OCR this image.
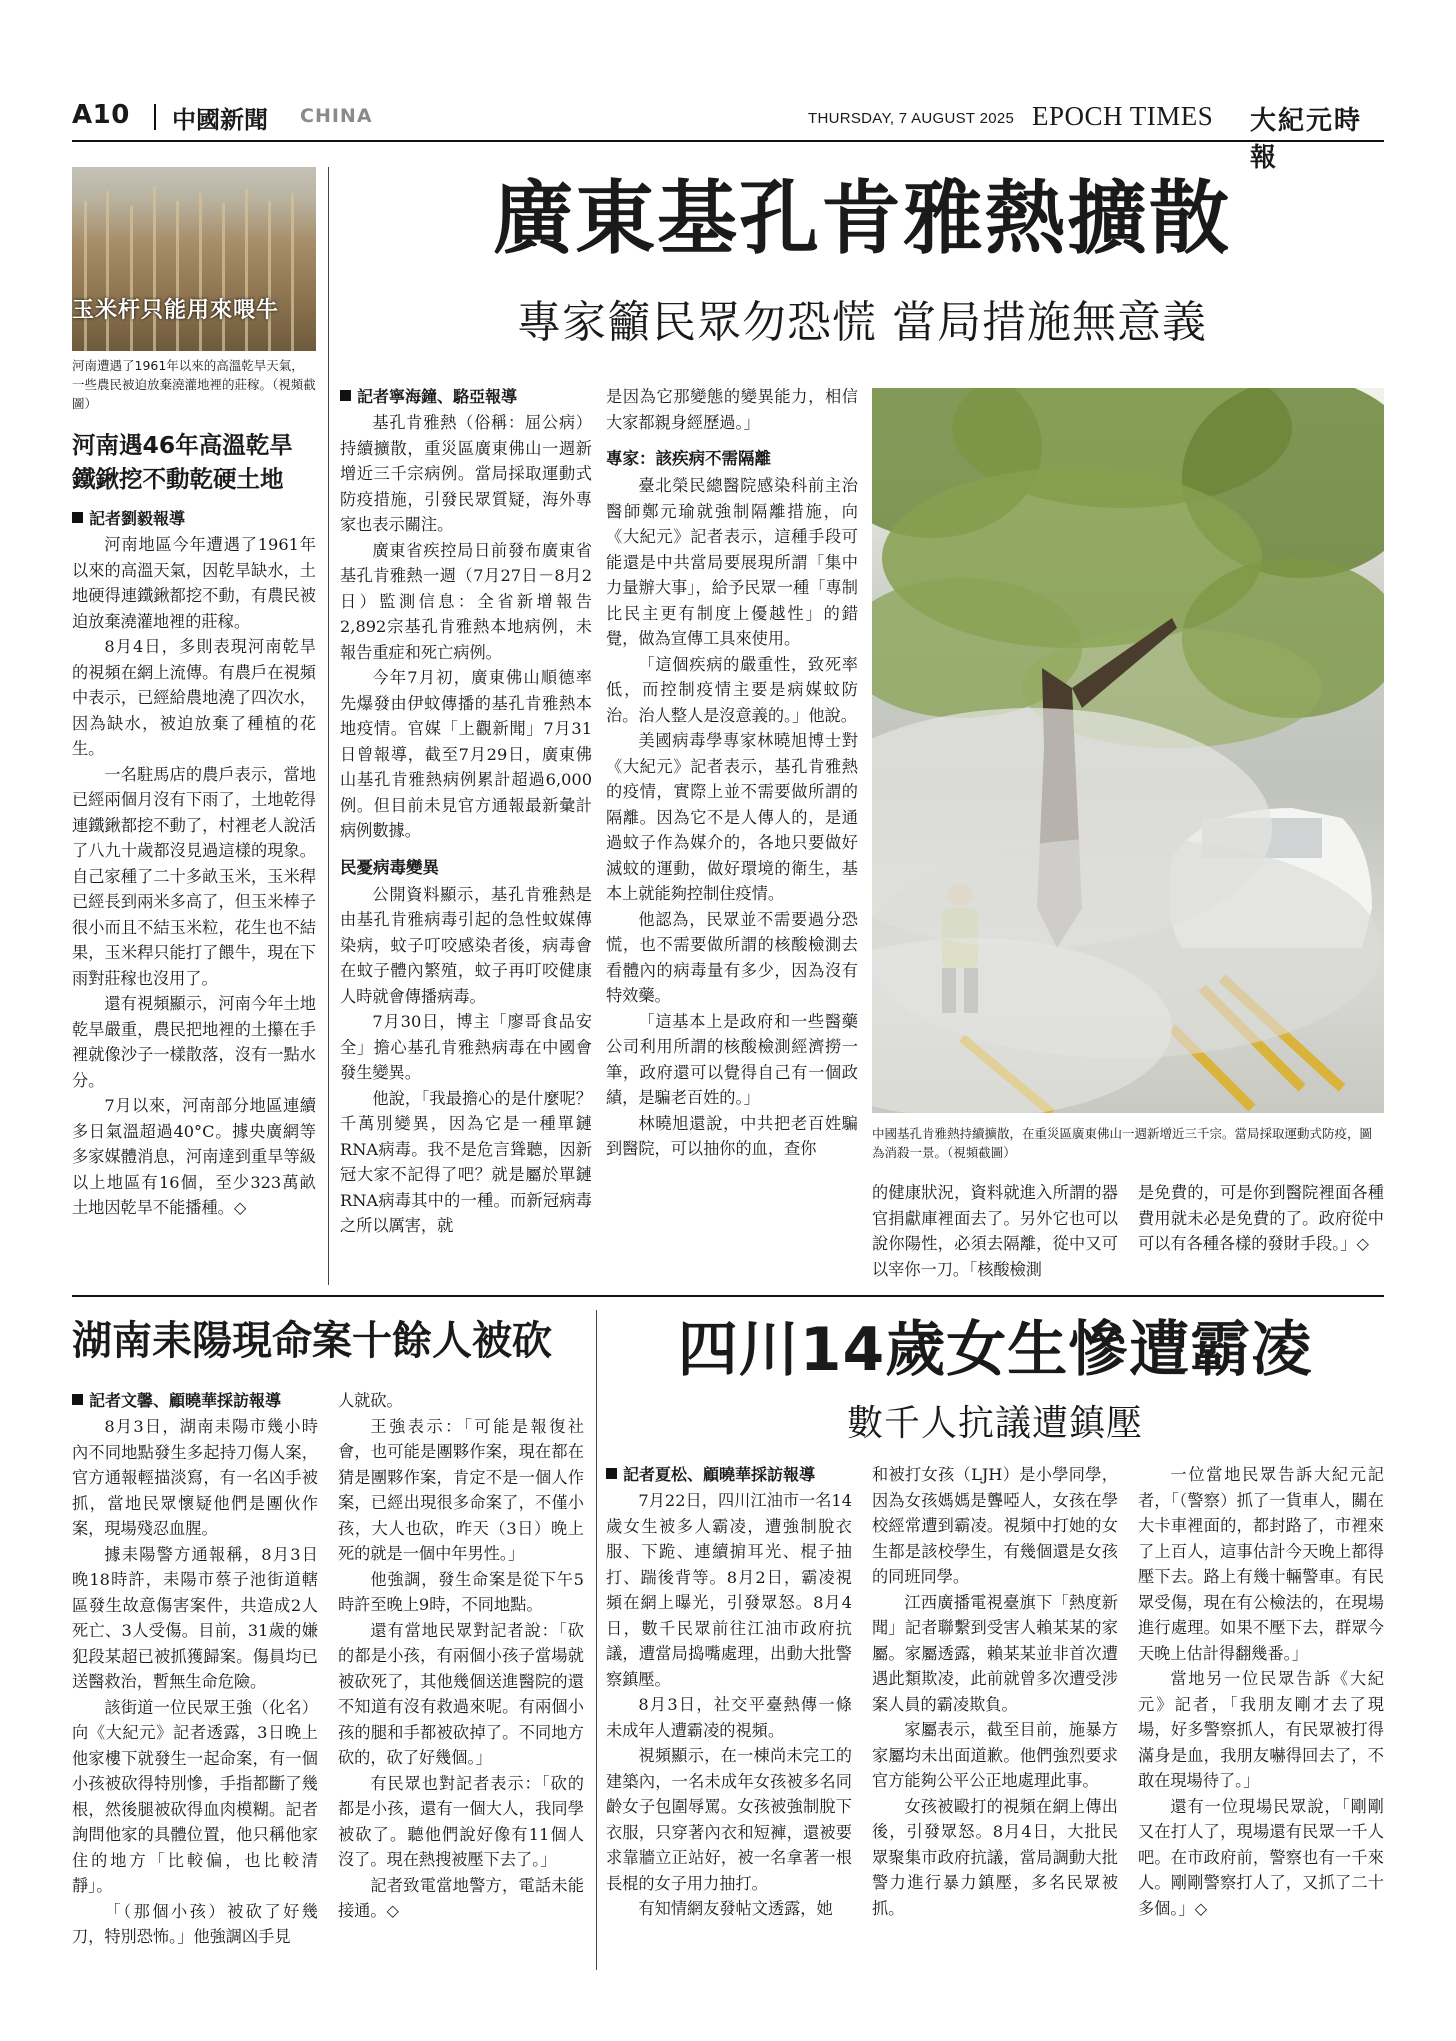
A10 中國新聞 CHINA	THURSDAY, 7 AUGUST 2025 EPOCH TIMES 大紀元時報
玉米杆只能用來喂牛
河南遭遇了1961年以來的高溫乾旱天氣，一些農民被迫放棄澆灌地裡的莊稼。（視頻截圖）
河南遇46年高溫乾旱
鐵鍬挖不動乾硬土地
記者劉毅報導

河南地區今年遭遇了1961年以來的高溫天氣，因乾旱缺水，土地硬得連鐵鍬都挖不動，有農民被迫放棄澆灌地裡的莊稼。

8月4日，多則表現河南乾旱的視頻在網上流傳。有農戶在視頻中表示，已經給農地澆了四次水，因為缺水，被迫放棄了種植的花生。

一名駐馬店的農戶表示，當地已經兩個月沒有下雨了，土地乾得連鐵鍬都挖不動了，村裡老人說活了八九十歲都沒見過這樣的現象。自己家種了二十多畝玉米，玉米稈已經長到兩米多高了，但玉米棒子很小而且不結玉米粒，花生也不結果，玉米稈只能打了餵牛，現在下雨對莊稼也沒用了。

還有視頻顯示，河南今年土地乾旱嚴重，農民把地裡的土攥在手裡就像沙子一樣散落，沒有一點水分。

7月以來，河南部分地區連續多日氣溫超過40°C。據央廣網等多家媒體消息，河南達到重旱等級以上地區有16個，至少323萬畝土地因乾旱不能播種。◇

廣東基孔肯雅熱擴散
專家籲民眾勿恐慌 當局措施無意義
記者寧海鐘、駱亞報導

基孔肯雅熱（俗稱：屈公病）持續擴散，重災區廣東佛山一週新增近三千宗病例。當局採取運動式防疫措施，引發民眾質疑，海外專家也表示關注。

廣東省疾控局日前發布廣東省基孔肯雅熱一週（7月27日－8月2日）監測信息：全省新增報告2,892宗基孔肯雅熱本地病例，未報告重症和死亡病例。

今年7月初，廣東佛山順德率先爆發由伊蚊傳播的基孔肯雅熱本地疫情。官媒「上觀新聞」7月31日曾報導，截至7月29日，廣東佛山基孔肯雅熱病例累計超過6,000例。但目前未見官方通報最新彙計病例數據。

民憂病毒變異

公開資料顯示，基孔肯雅熱是由基孔肯雅病毒引起的急性蚊媒傳染病，蚊子叮咬感染者後，病毒會在蚊子體內繁殖，蚊子再叮咬健康人時就會傳播病毒。

7月30日，博主「廖哥食品安全」擔心基孔肯雅熱病毒在中國會發生變異。

他說，「我最擔心的是什麼呢？千萬別變異，因為它是一種單鏈RNA病毒。我不是危言聳聽，因新冠大家不記得了吧？就是屬於單鏈RNA病毒其中的一種。而新冠病毒之所以厲害，就

是因為它那變態的變異能力，相信大家都親身經歷過。」

專家：該疾病不需隔離

臺北榮民總醫院感染科前主治醫師鄭元瑜就強制隔離措施，向《大紀元》記者表示，這種手段可能還是中共當局要展現所謂「集中力量辦大事」，給予民眾一種「專制比民主更有制度上優越性」的錯覺，做為宣傳工具來使用。

「這個疾病的嚴重性，致死率低，而控制疫情主要是病媒蚊防治。治人整人是沒意義的。」他說。

美國病毒學專家林曉旭博士對《大紀元》記者表示，基孔肯雅熱的疫情，實際上並不需要做所謂的隔離。因為它不是人傳人的，是通過蚊子作為媒介的，各地只要做好滅蚊的運動，做好環境的衛生，基本上就能夠控制住疫情。

他認為，民眾並不需要過分恐慌，也不需要做所謂的核酸檢測去看體內的病毒量有多少，因為沒有特效藥。

「這基本上是政府和一些醫藥公司利用所謂的核酸檢測經濟撈一筆，政府還可以覺得自己有一個政績，是騙老百姓的。」

林曉旭還說，中共把老百姓騙到醫院，可以抽你的血，查你

中國基孔肯雅熱持續擴散，在重災區廣東佛山一週新增近三千宗。當局採取運動式防疫，圖為消殺一景。（視頻截圖）

的健康狀況，資料就進入所謂的器官捐獻庫裡面去了。另外它也可以說你陽性，必須去隔離，從中又可以宰你一刀。「核酸檢測

是免費的，可是你到醫院裡面各種費用就未必是免費的了。政府從中可以有各種各樣的發財手段。」◇

湖南耒陽現命案十餘人被砍
記者文馨、顧曉華採訪報導

8月3日，湖南耒陽市幾小時內不同地點發生多起持刀傷人案，官方通報輕描淡寫，有一名凶手被抓，當地民眾懷疑他們是團伙作案，現場殘忍血腥。

據耒陽警方通報稱，8月3日晚18時許，耒陽市蔡子池街道轄區發生故意傷害案件，共造成2人死亡、3人受傷。目前，31歲的嫌犯段某超已被抓獲歸案。傷員均已送醫救治，暫無生命危險。

該街道一位民眾王強（化名）向《大紀元》記者透露，3日晚上他家樓下就發生一起命案，有一個小孩被砍得特別慘，手指都斷了幾根，然後腿被砍得血肉模糊。記者詢問他家的具體位置，他只稱他家住的地方「比較偏，也比較清靜」。

「（那個小孩）被砍了好幾刀，特別恐怖。」他強調凶手見

人就砍。

王強表示：「可能是報復社會，也可能是團夥作案，現在都在猜是團夥作案，肯定不是一個人作案，已經出現很多命案了，不僅小孩，大人也砍，昨天（3日）晚上死的就是一個中年男性。」

他強調，發生命案是從下午5時許至晚上9時，不同地點。

還有當地民眾對記者說：「砍的都是小孩，有兩個小孩子當場就被砍死了，其他幾個送進醫院的還不知道有沒有救過來呢。有兩個小孩的腿和手都被砍掉了。不同地方砍的，砍了好幾個。」

有民眾也對記者表示：「砍的都是小孩，還有一個大人，我同學被砍了。聽他們說好像有11個人沒了。現在熱搜被壓下去了。」

記者致電當地警方，電話未能接通。◇

四川14歲女生慘遭霸凌
數千人抗議遭鎮壓
記者夏松、顧曉華採訪報導

7月22日，四川江油市一名14歲女生被多人霸凌，遭強制脫衣服、下跪、連續掮耳光、棍子抽打、踹後背等。8月2日，霸凌視頻在網上曝光，引發眾怒。8月4日，數千民眾前往江油市政府抗議，遭當局捣嘴處理，出動大批警察鎮壓。

8月3日，社交平臺熱傳一條未成年人遭霸凌的視頻。

視頻顯示，在一棟尚未完工的建築內，一名未成年女孩被多名同齡女子包圍辱罵。女孩被強制脫下衣服，只穿著內衣和短褲，還被要求靠牆立正站好，被一名拿著一根長棍的女子用力抽打。

有知情網友發帖文透露，她

和被打女孩（LJH）是小學同學，因為女孩媽媽是聾啞人，女孩在學校經常遭到霸凌。視頻中打她的女生都是該校學生，有幾個還是女孩的同班同學。

江西廣播電視臺旗下「熱度新聞」記者聯繫到受害人賴某某的家屬。家屬透露，賴某某並非首次遭遇此類欺凌，此前就曾多次遭受涉案人員的霸凌欺負。

家屬表示，截至目前，施暴方家屬均未出面道歉。他們強烈要求官方能夠公平公正地處理此事。

女孩被毆打的視頻在網上傳出後，引發眾怒。8月4日，大批民眾聚集市政府抗議，當局調動大批警力進行暴力鎮壓，多名民眾被抓。

一位當地民眾告訴大紀元記者，「（警察）抓了一貨車人，關在大卡車裡面的，都封路了，市裡來了上百人，這事估計今天晚上都得壓下去。路上有幾十輛警車。有民眾受傷，現在有公檢法的，在現場進行處理。如果不壓下去，群眾今天晚上估計得翻幾番。」

當地另一位民眾告訴《大紀元》記者，「我朋友剛才去了現場，好多警察抓人，有民眾被打得滿身是血，我朋友嚇得回去了，不敢在現場待了。」

還有一位現場民眾說，「剛剛又在打人了，現場還有民眾一千人吧。在市政府前，警察也有一千來人。剛剛警察打人了，又抓了二十多個。」◇
